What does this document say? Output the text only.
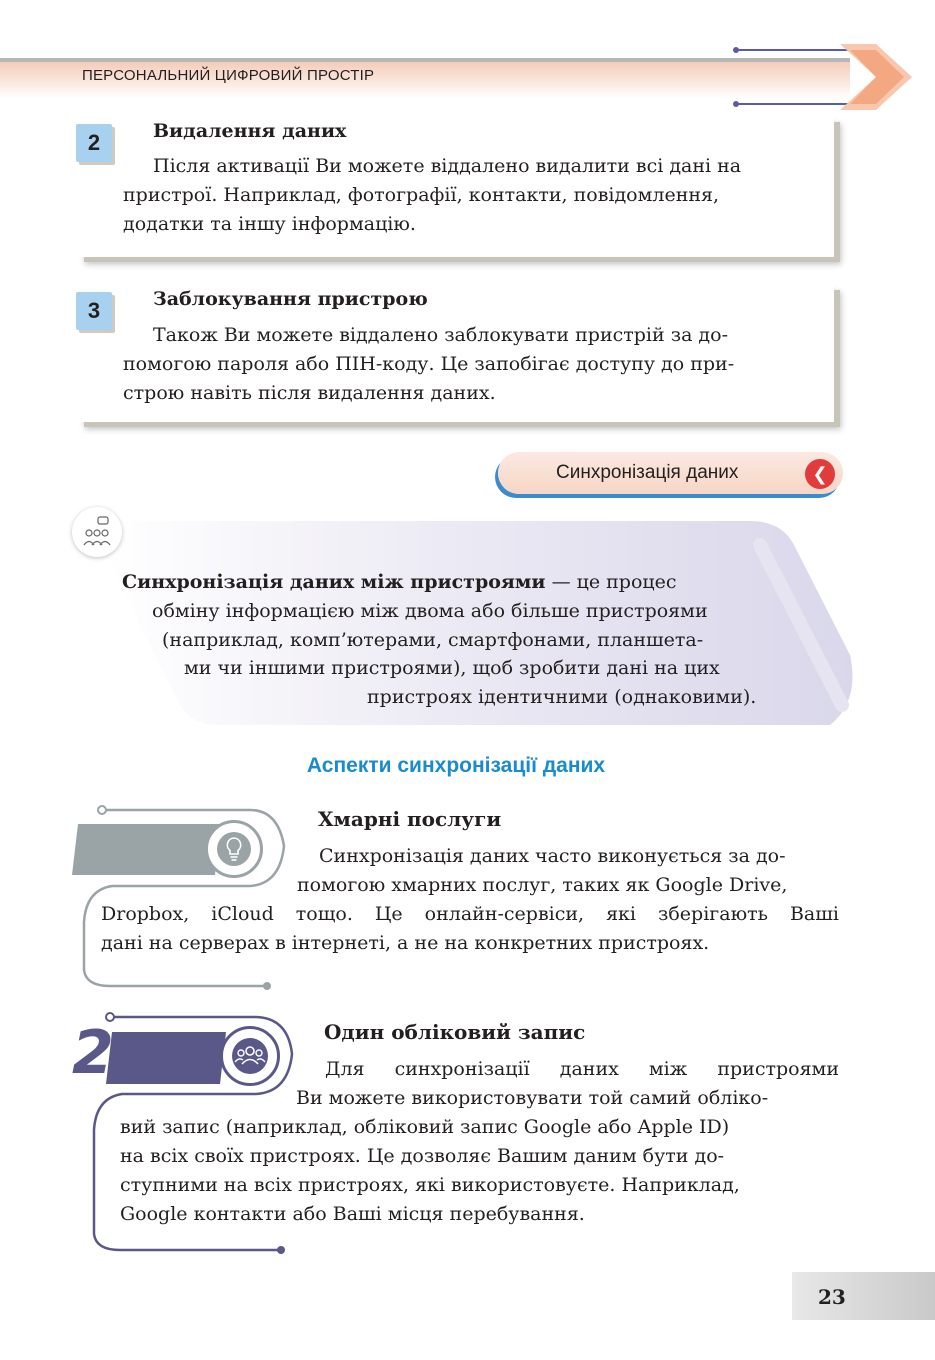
ПЕРСОНАЛЬНИЙ ЦИФРОВИЙ ПРОСТІР
2	Видалення даних
Після активації Ви можете віддалено видалити всі дані на
пристрої. Наприклад, фотографії, контакти, повідомлення,
додатки та іншу інформацію.
3	Заблокування пристрою
Також Ви можете віддалено заблокувати пристрій за до-
помогою пароля або ПІН-коду. Це запобігає доступу до при-
строю навіть після видалення даних.
Синхронізація даних	❮
Синхронізація даних між пристроями — це процес
обміну інформацією між двома або більше пристроями
(наприклад, комп’ютерами, смартфонами, планшета-
ми чи іншими пристроями), щоб зробити дані на цих
пристроях ідентичними (однаковими).
Аспекти синхронізації даних
1	Хмарні послуги
Синхронізація даних часто виконується за до-
помогою хмарних послуг, таких як Google Drive,
Dropbox, iCloud тощо. Це онлайн-сервіси, які зберігають Ваші
дані на серверах в інтернеті, а не на конкретних пристроях.
2	Один обліковий запис
Для синхронізації даних між пристроями
Ви можете використовувати той самий обліко-
вий запис (наприклад, обліковий запис Google або Apple ID)
на всіх своїх пристроях. Це дозволяє Вашим даним бути до-
ступними на всіх пристроях, які використовуєте. Наприклад,
Google контакти або Ваші місця перебування.
23
